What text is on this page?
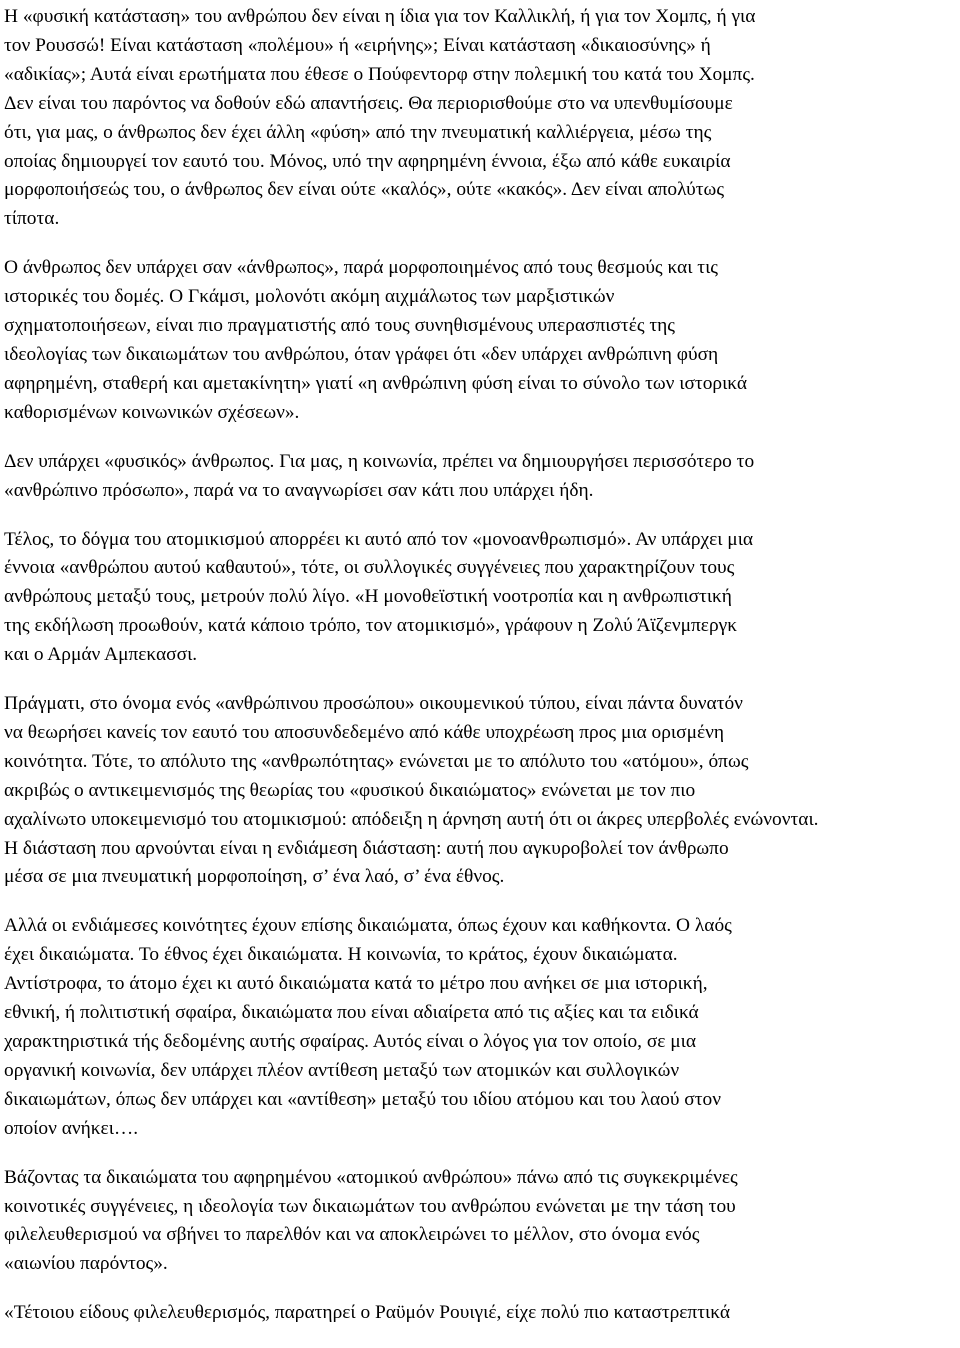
Η «φυσική κατάσταση» του ανθρώπου δεν είναι η ίδια για τον Καλλικλή, ή για τον Χομπς, ή για
τον Ρουσσώ! Είναι κατάσταση «πολέμου» ή «ειρήνης»; Είναι κατάσταση «δικαιοσύνης» ή
«αδικίας»; Αυτά είναι ερωτήματα που έθεσε ο Πούφεντορφ στην πολεμική του κατά του Χομπς.
Δεν είναι του παρόντος να δοθούν εδώ απαντήσεις. Θα περιορισθούμε στο να υπενθυμίσουμε
ότι, για μας, ο άνθρωπος δεν έχει άλλη «φύση» από την πνευματική καλλιέργεια, μέσω της
οποίας δημιουργεί τον εαυτό του. Μόνος, υπό την αφηρημένη έννοια, έξω από κάθε ευκαιρία
μορφοποιήσεώς του, ο άνθρωπος δεν είναι ούτε «καλός», ούτε «κακός». Δεν είναι απολύτως
τίποτα.
Ο άνθρωπος δεν υπάρχει σαν «άνθρωπος», παρά μορφοποιημένος από τους θεσμούς και τις
ιστορικές του δομές. Ο Γκάμσι, μολονότι ακόμη αιχμάλωτος των μαρξιστικών
σχηματοποιήσεων, είναι πιο πραγματιστής από τους συνηθισμένους υπερασπιστές της
ιδεολογίας των δικαιωμάτων του ανθρώπου, όταν γράφει ότι «δεν υπάρχει ανθρώπινη φύση
αφηρημένη, σταθερή και αμετακίνητη» γιατί «η ανθρώπινη φύση είναι το σύνολο των ιστορικά
καθορισμένων κοινωνικών σχέσεων».
Δεν υπάρχει «φυσικός» άνθρωπος. Για μας, η κοινωνία, πρέπει να δημιουργήσει περισσότερο το
«ανθρώπινο πρόσωπο», παρά να το αναγνωρίσει σαν κάτι που υπάρχει ήδη.
Τέλος, το δόγμα του ατομικισμού απορρέει κι αυτό από τον «μονοανθρωπισμό». Αν υπάρχει μια
έννοια «ανθρώπου αυτού καθαυτού», τότε, οι συλλογικές συγγένειες που χαρακτηρίζουν τους
ανθρώπους μεταξύ τους, μετρούν πολύ λίγο. «Η μονοθεϊστική νοοτροπία και η ανθρωπιστική
της εκδήλωση προωθούν, κατά κάποιο τρόπο, τον ατομικισμό», γράφουν η Ζολύ Άϊζενμπεργκ
και ο Αρμάν Αμπεκασσι.
Πράγματι, στο όνομα ενός «ανθρώπινου προσώπου» οικουμενικού τύπου, είναι πάντα δυνατόν
να θεωρήσει κανείς τον εαυτό του αποσυνδεδεμένο από κάθε υποχρέωση προς μια ορισμένη
κοινότητα. Τότε, το απόλυτο της «ανθρωπότητας» ενώνεται με το απόλυτο του «ατόμου», όπως
ακριβώς ο αντικειμενισμός της θεωρίας του «φυσικού δικαιώματος» ενώνεται με τον πιο
αχαλίνωτο υποκειμενισμό του ατομικισμού: απόδειξη η άρνηση αυτή ότι οι άκρες υπερβολές ενώνονται.
Η διάσταση που αρνούνται είναι η ενδιάμεση διάσταση: αυτή που αγκυροβολεί τον άνθρωπο
μέσα σε μια πνευματική μορφοποίηση, σ’ ένα λαό, σ’ ένα έθνος.
Αλλά οι ενδιάμεσες κοινότητες έχουν επίσης δικαιώματα, όπως έχουν και καθήκοντα. Ο λαός
έχει δικαιώματα. Το έθνος έχει δικαιώματα. Η κοινωνία, το κράτος, έχουν δικαιώματα.
Αντίστροφα, το άτομο έχει κι αυτό δικαιώματα κατά το μέτρο που ανήκει σε μια ιστορική,
εθνική, ή πολιτιστική σφαίρα, δικαιώματα που είναι αδιαίρετα από τις αξίες και τα ειδικά
χαρακτηριστικά τής δεδομένης αυτής σφαίρας. Αυτός είναι ο λόγος για τον οποίο, σε μια
οργανική κοινωνία, δεν υπάρχει πλέον αντίθεση μεταξύ των ατομικών και συλλογικών
δικαιωμάτων, όπως δεν υπάρχει και «αντίθεση» μεταξύ του ιδίου ατόμου και του λαού στον
οποίον ανήκει….
Βάζοντας τα δικαιώματα του αφηρημένου «ατομικού ανθρώπου» πάνω από τις συγκεκριμένες
κοινοτικές συγγένειες, η ιδεολογία των δικαιωμάτων του ανθρώπου ενώνεται με την τάση του
φιλελευθερισμού να σβήνει το παρελθόν και να αποκλειρώνει το μέλλον, στο όνομα ενός
«αιωνίου παρόντος».
«Τέτοιου είδους φιλελευθερισμός, παρατηρεί ο Ραϋμόν Ρουιγιέ, είχε πολύ πιο καταστρεπτικά
